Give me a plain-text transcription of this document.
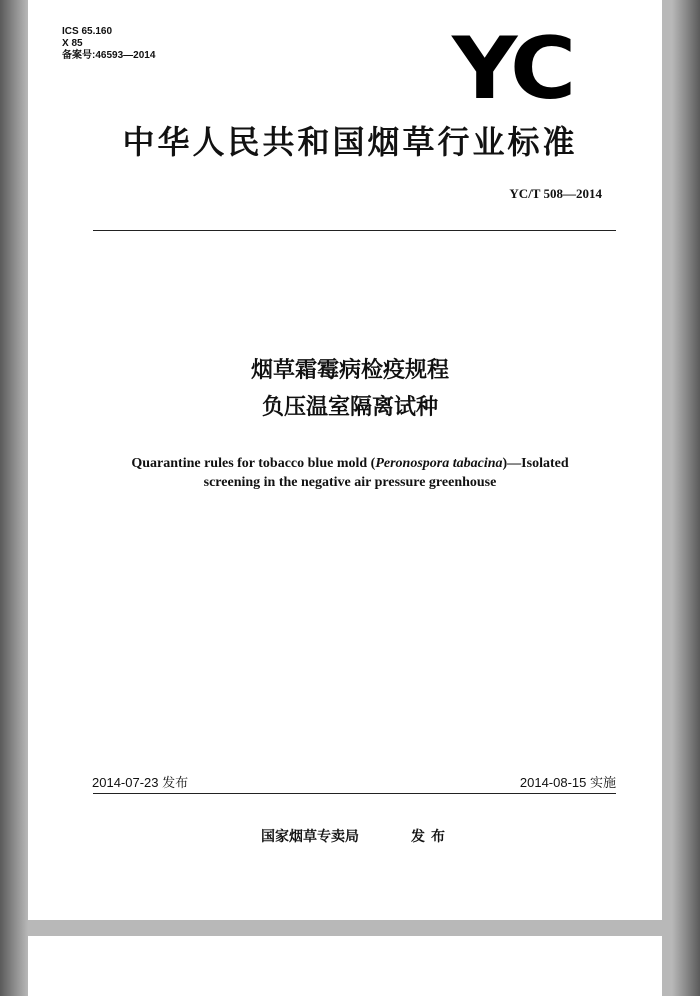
ICS 65.160
X 85
备案号:46593—2014	YC
中华人民共和国烟草行业标准
YC/T 508—2014
烟草霜霉病检疫规程
负压温室隔离试种
Quarantine rules for tobacco blue mold (Peronospora tabacina)—Isolated
screening in the negative air pressure greenhouse
2014-07-23 发布	2014-08-15 实施
国家烟草专卖局	发布
